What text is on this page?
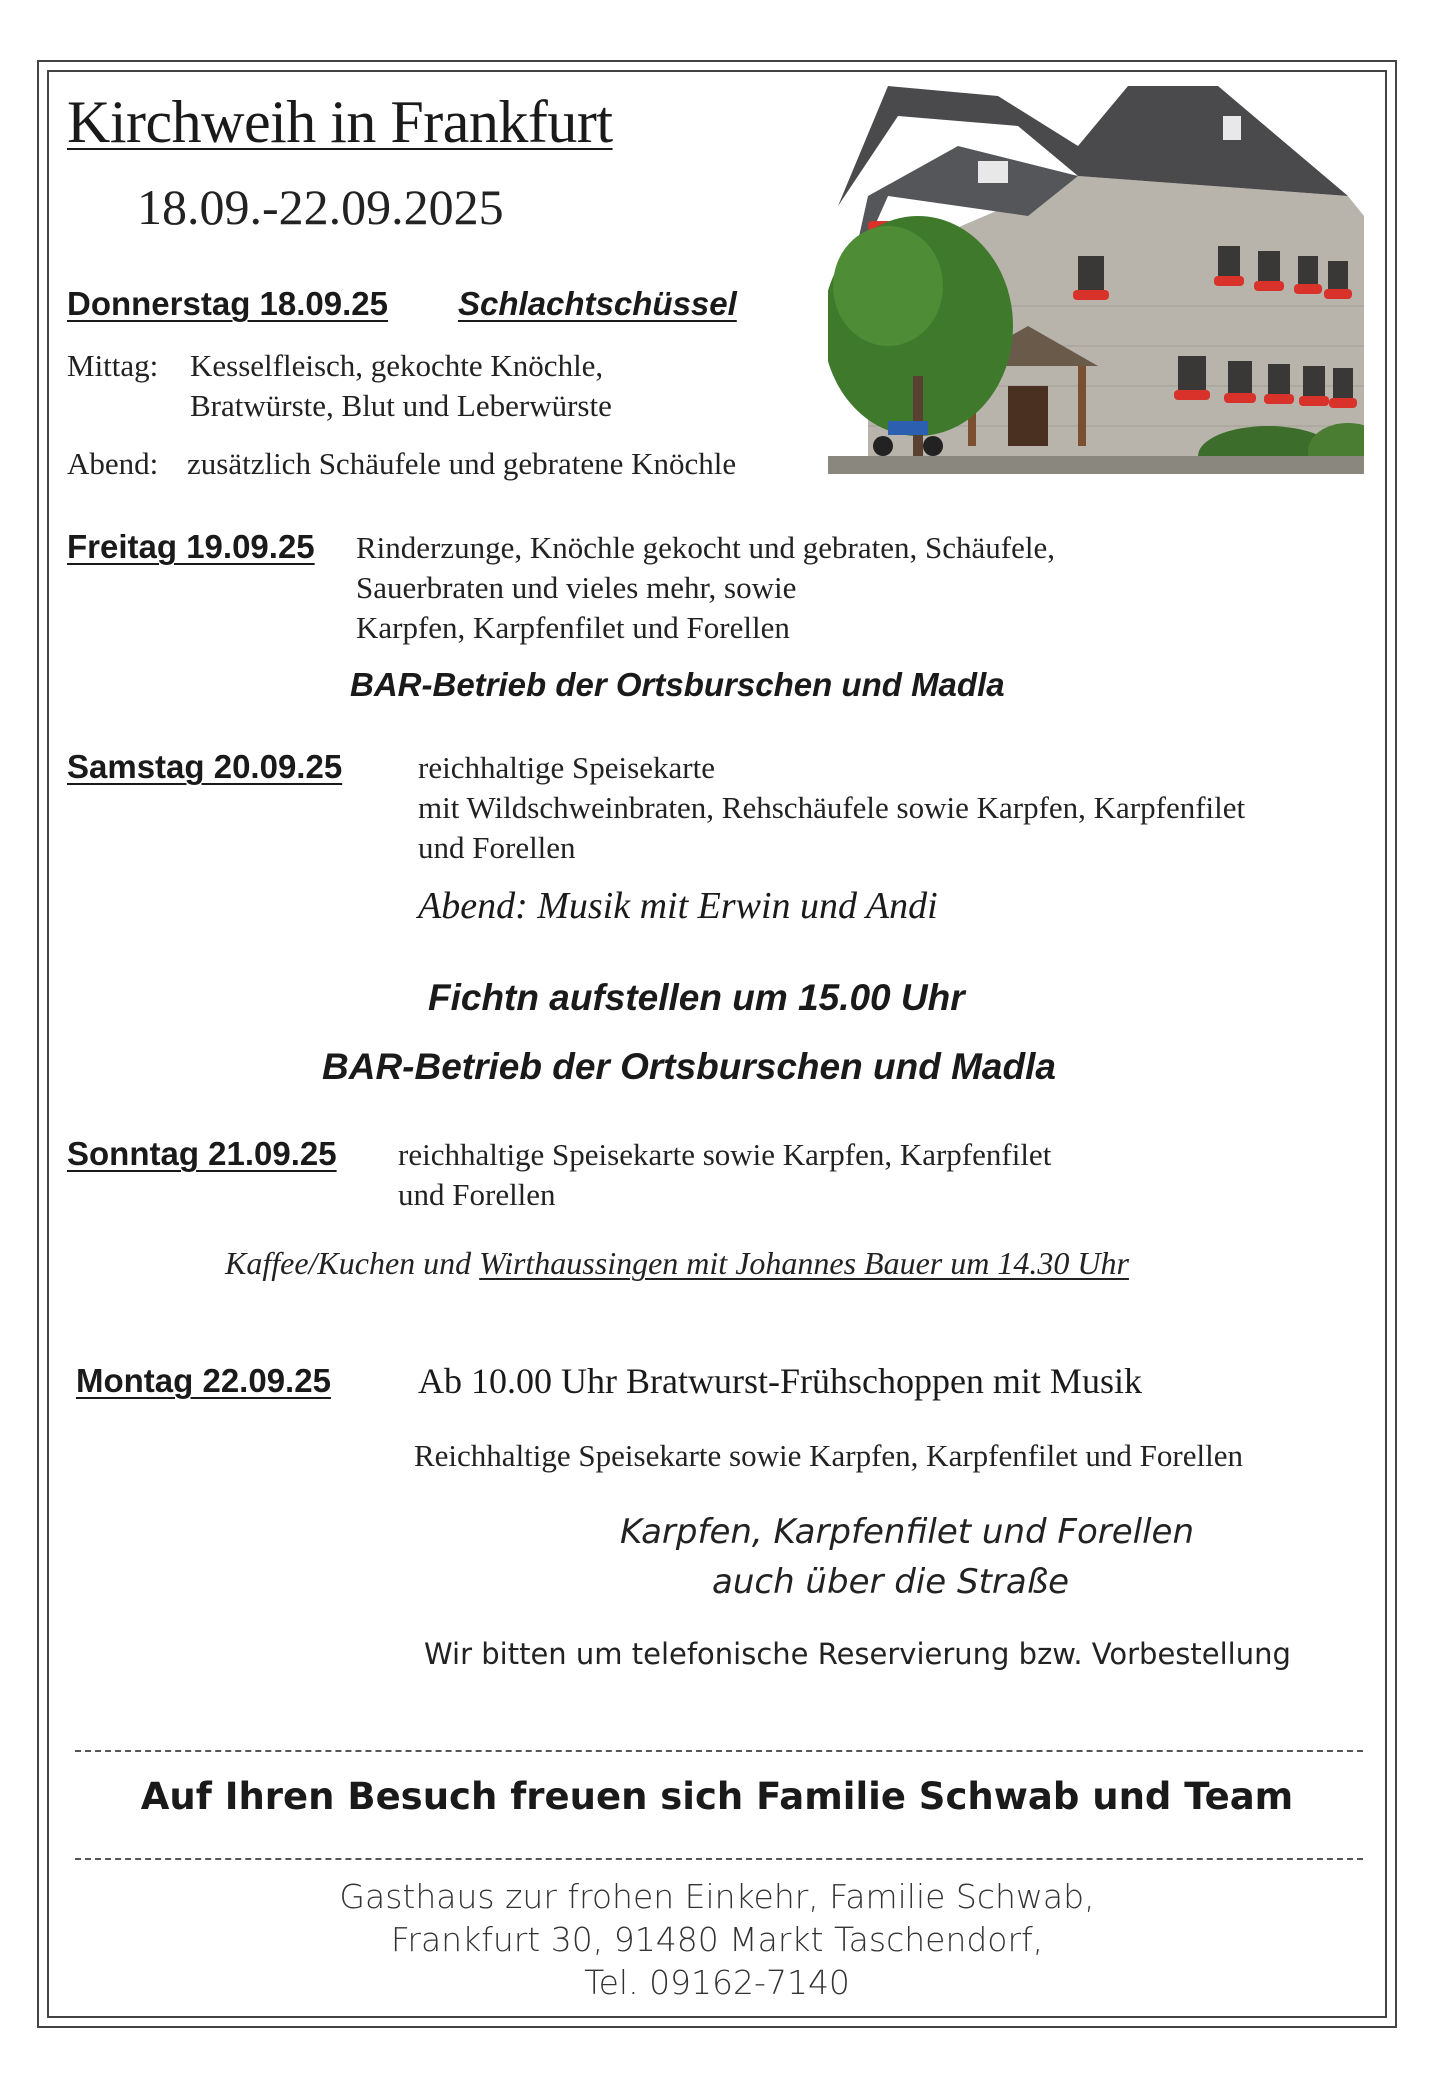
Kirchweih in Frankfurt
18.09.-22.09.2025
Donnerstag 18.09.25 Schlachtschüssel
Mittag: Kesselfleisch, gekochte Knöchle,
Bratwürste, Blut und Leberwürste
Abend: zusätzlich Schäufele und gebratene Knöchle
Freitag 19.09.25 Rinderzunge, Knöchle gekocht und gebraten, Schäufele,
Sauerbraten und vieles mehr, sowie
Karpfen, Karpfenfilet und Forellen
BAR-Betrieb der Ortsburschen und Madla
Samstag 20.09.25 reichhaltige Speisekarte
mit Wildschweinbraten, Rehschäufele sowie Karpfen, Karpfenfilet
und Forellen
Abend: Musik mit Erwin und Andi
Fichtn aufstellen um 15.00 Uhr
BAR-Betrieb der Ortsburschen und Madla
Sonntag 21.09.25 reichhaltige Speisekarte sowie Karpfen, Karpfenfilet
und Forellen
Kaffee/Kuchen und Wirthaussingen mit Johannes Bauer um 14.30 Uhr
Montag 22.09.25 Ab 10.00 Uhr Bratwurst-Frühschoppen mit Musik
Reichhaltige Speisekarte sowie Karpfen, Karpfenfilet und Forellen
Karpfen, Karpfenfilet und Forellen
auch über die Straße
Wir bitten um telefonische Reservierung bzw. Vorbestellung
Auf Ihren Besuch freuen sich Familie Schwab und Team
Gasthaus zur frohen Einkehr, Familie Schwab,
Frankfurt 30, 91480 Markt Taschendorf,
Tel. 09162-7140
